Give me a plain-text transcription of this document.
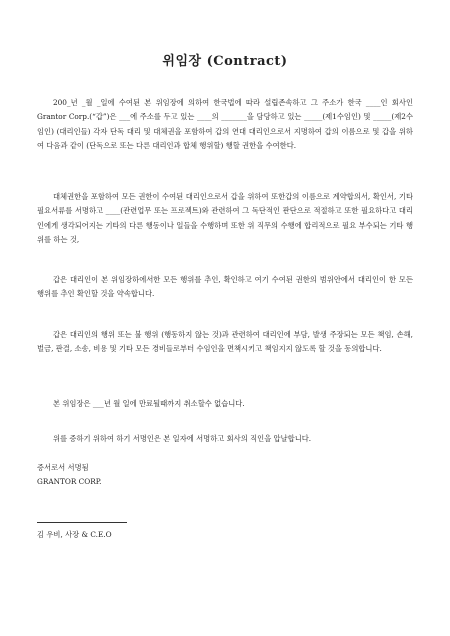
위임장 (Contract)

200_년 _월 _일에 수여된 본 위임장에 의하여 한국법에 따라 설립존속하고 그 주소가 한국 ____인 회사인 Grantor Corp.(“갑”)은 ___에 주소를 두고 있는 ____의 _______을 담당하고 있는 _____(제1수임인) 및 _____(제2수임인) (대리인들) 각자 단독 대리 및 대체권을 포함하여 갑의 연대 대리인으로서 지명하여 갑의 이름으로 및 갑을 위하여 다음과 같이 (단독으로 또는 다른 대리인과 합체 행위할) 행할 권한을 수여한다.

대체권한을 포함하여 모든 권한이 수여된 대리인으로서 갑을 위하여 또한갑의 이름으로 계약합의서, 확인서, 기타 필요서류를 서명하고 ____(관련업무 또는 프로젝트)와 관련하여 그 독단적인 판단으로 적절하고 또한 필요하다고 대리인에게 생각되어지는 기타의 다른 행동이나 일들을 수행하며 또한 위 직무의 수행에 합리적으로 필요 부수되는 기타 행위를 하는 것,

갑은 대리인이 본 위임장하에서한 모든 행위를 추인, 확인하고 여기 수여된 권한의 범위안에서 대리인이 한 모든 행위를 추인 확인할 것을 약속합니다.

갑은 대리인의 행위 또는 불 행위 (행동하지 않는 것)과 관련하여 대리인에 부담, 발생 주장되는 모든 책임, 손해, 벌금, 판결, 소송, 비용 및 기타 모든 경비들로부터 수임인을 면책시키고 책임지지 않도록 할 것을 동의합니다.

본 위임장은 ___년 월 일에 만료될때까지 취소할수 없습니다.

위를 증하기 위하여 하기 서명인은 본 일자에 서명하고 회사의 직인을 압날합니다.

증서로서 서명됨
GRANTOR CORP.
김 우비, 사장 & C.E.O
